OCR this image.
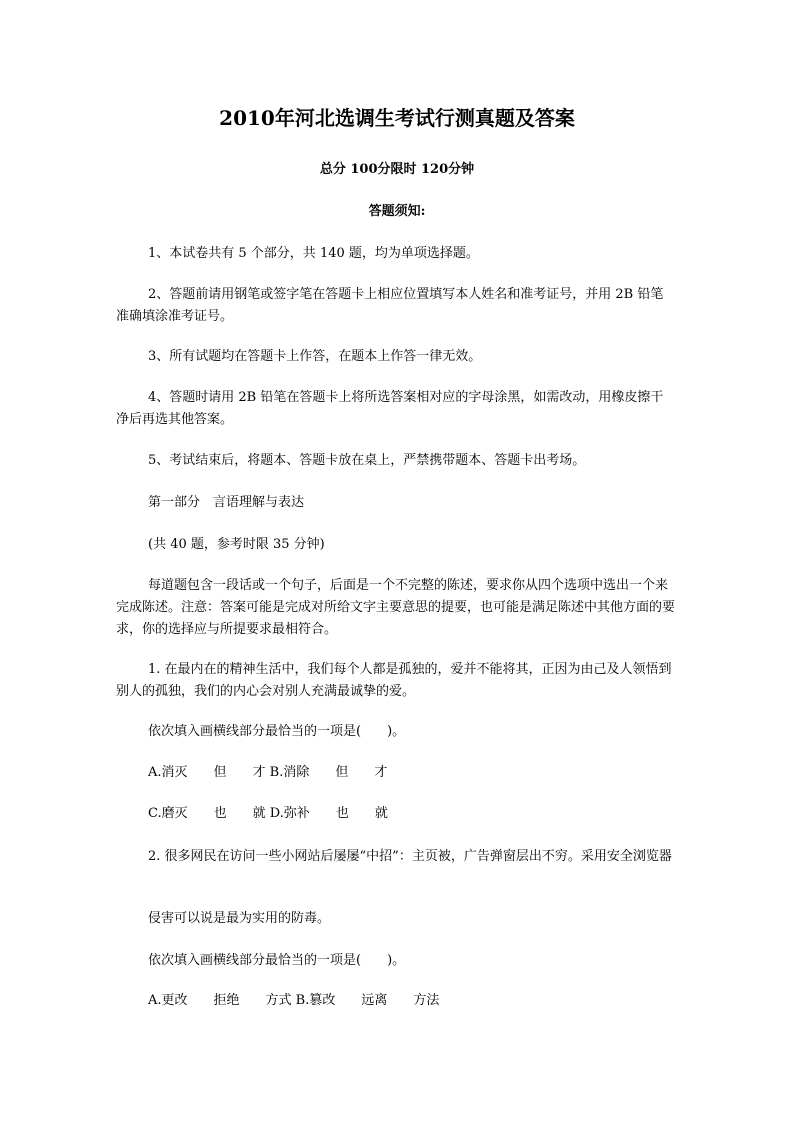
2010年河北选调生考试行测真题及答案
总分 100分限时 120分钟
答题须知:
1、本试卷共有 5 个部分，共 140 题，均为单项选择题。
2、答题前请用钢笔或签字笔在答题卡上相应位置填写本人姓名和准考证号，并用 2B 铅笔准确填涂准考证号。
3、所有试题均在答题卡上作答，在题本上作答一律无效。
4、答题时请用 2B 铅笔在答题卡上将所选答案相对应的字母涂黑，如需改动，用橡皮擦干净后再选其他答案。
5、考试结束后，将题本、答题卡放在桌上，严禁携带题本、答题卡出考场。
第一部分　言语理解与表达
(共 40 题，参考时限 35 分钟)
每道题包含一段话或一个句子，后面是一个不完整的陈述，要求你从四个选项中选出一个来完成陈述。注意：答案可能是完成对所给文字主要意思的提要，也可能是满足陈述中其他方面的要求，你的选择应与所提要求最相符合。
1. 在最内在的精神生活中，我们每个人都是孤独的，爱并不能将其，正因为由己及人领悟到别人的孤独，我们的内心会对别人充满最诚挚的爱。
依次填入画横线部分最恰当的一项是(　　)。
A.消灭　　但　　才 B.消除　　但　　才
C.磨灭　　也　　就 D.弥补　　也　　就
2. 很多网民在访问一些小网站后屡屡“中招”：主页被，广告弹窗层出不穷。采用安全浏览器
侵害可以说是最为实用的防毒。
依次填入画横线部分最恰当的一项是(　　)。
A.更改　　拒绝　　方式 B.篡改　　远离　　方法
